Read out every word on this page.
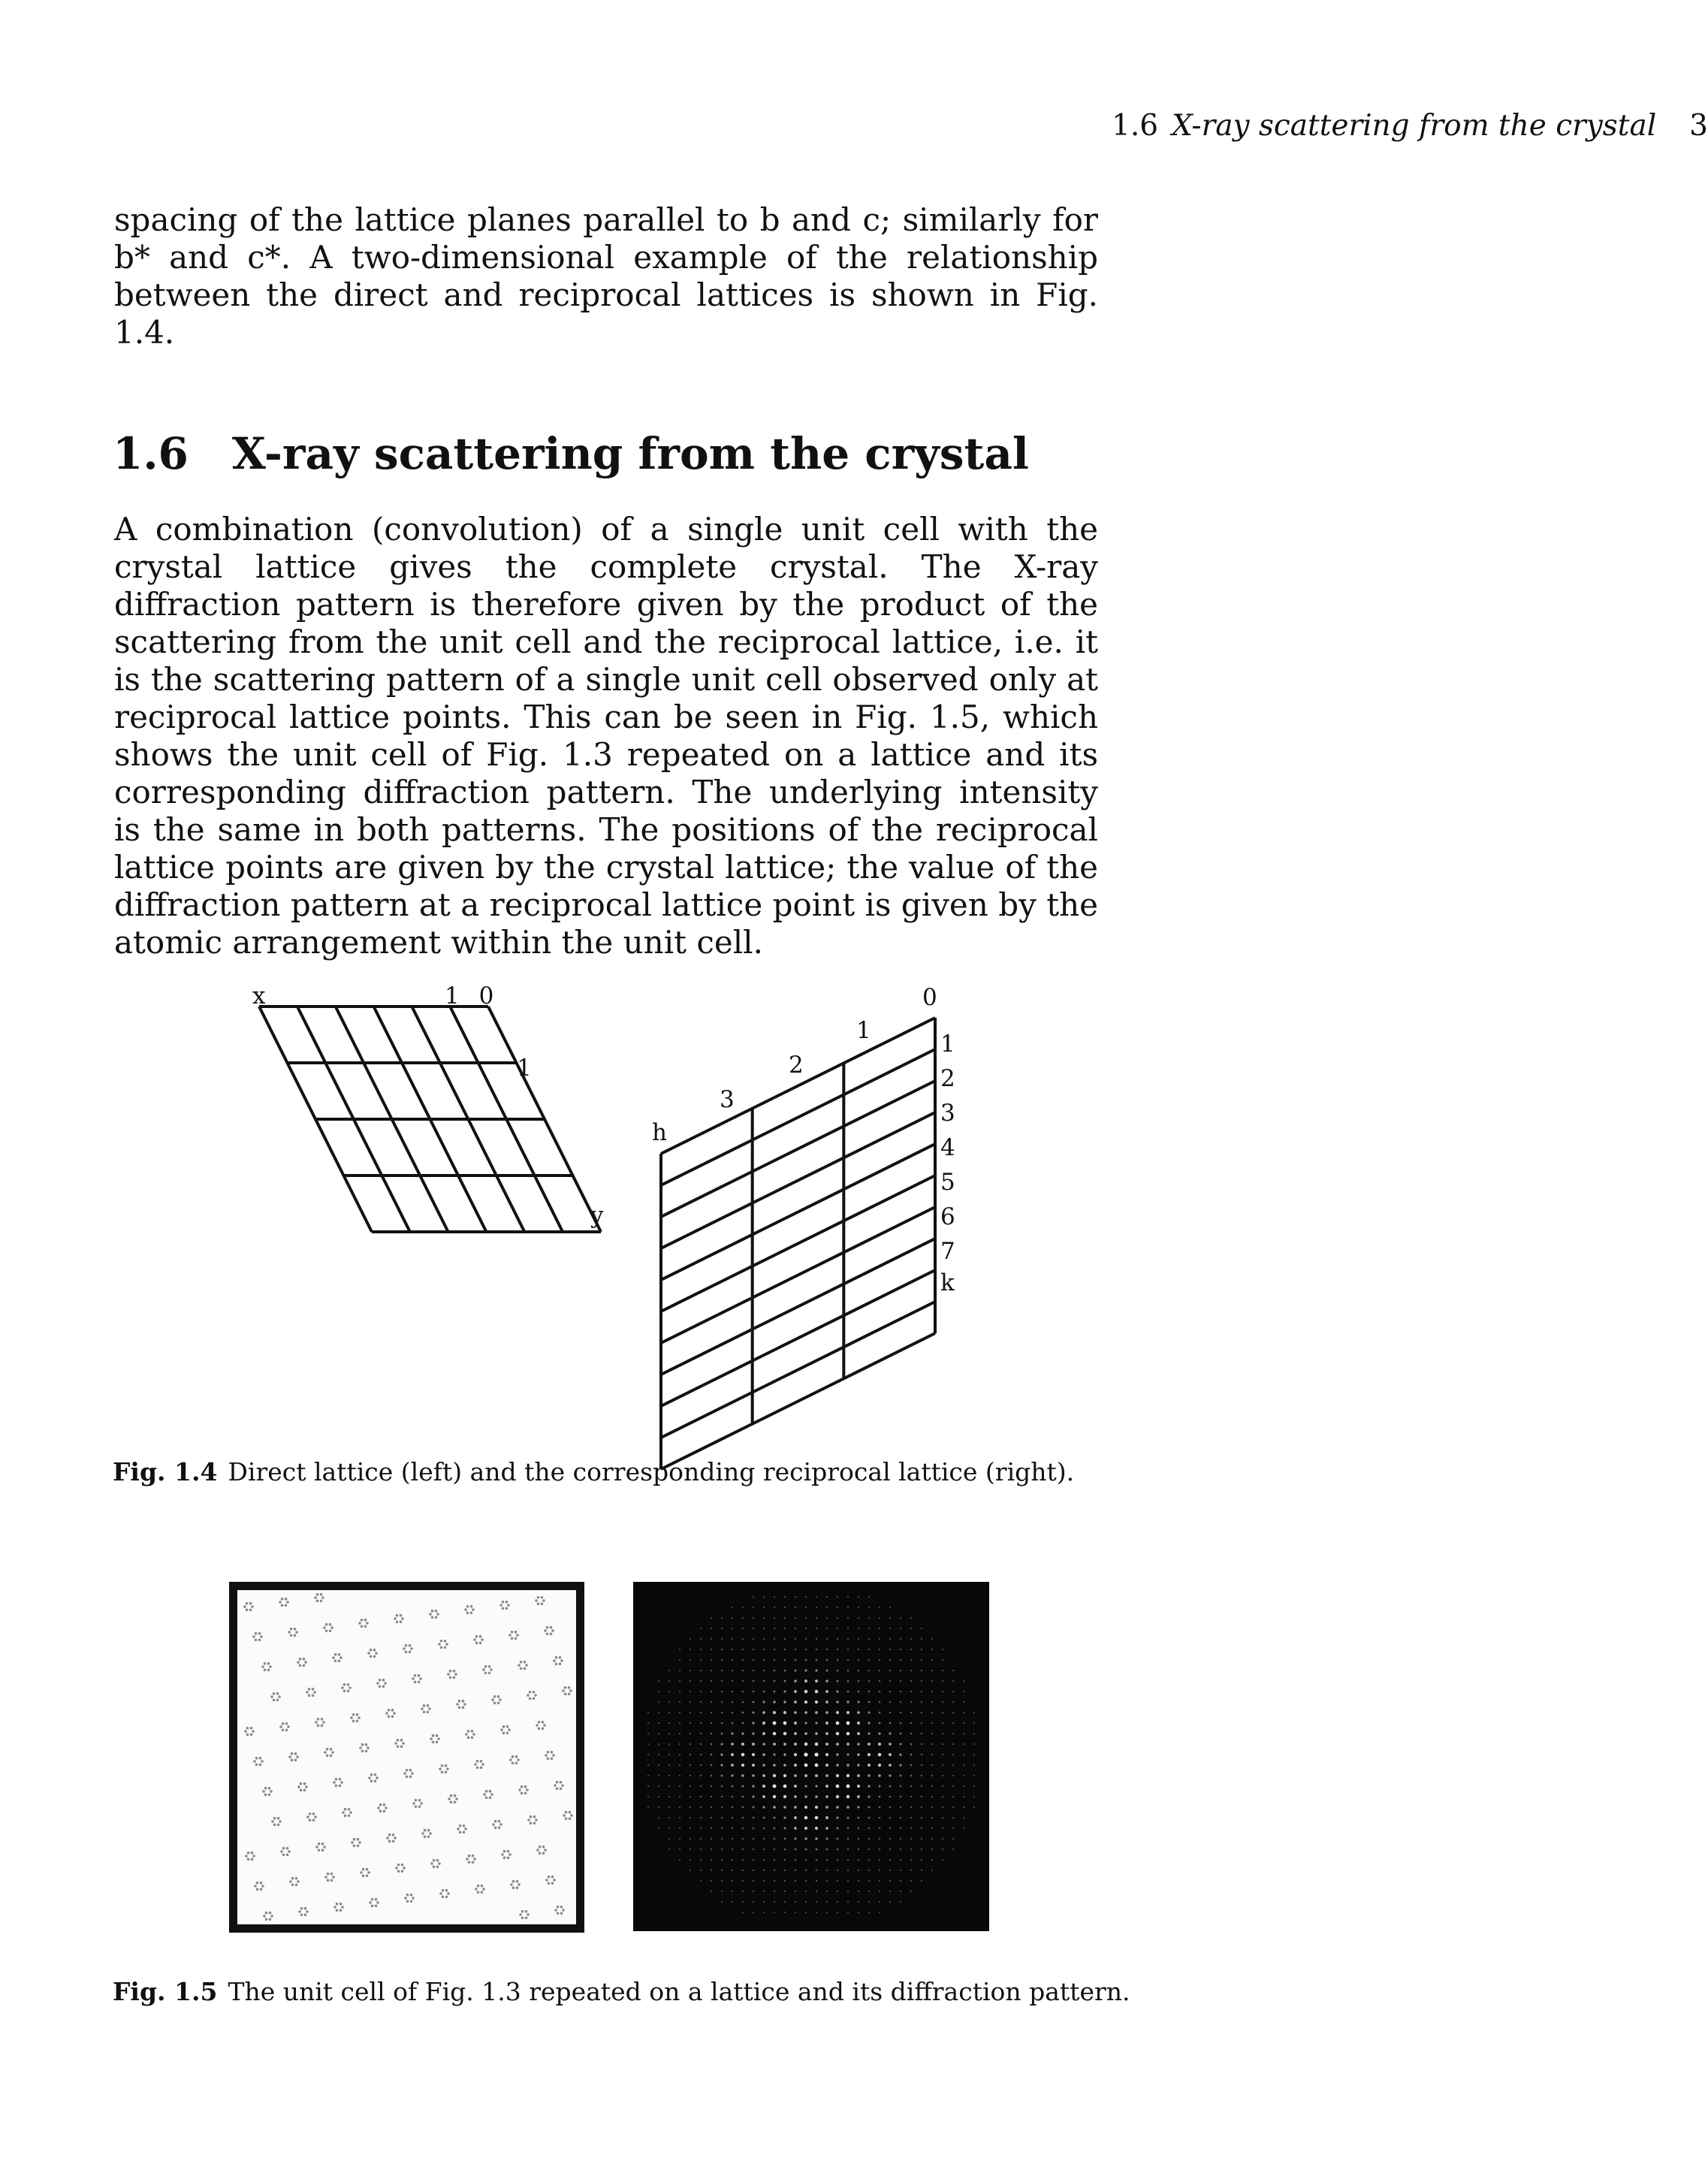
1.6 X-ray scattering from the crystal 3

spacing of the lattice planes parallel to b and c; similarly for b* and c*. A two-dimensional example of the relationship between the direct and reciprocal lattices is shown in Fig. 1.4.

1.6 X-ray scattering from the crystal

A combination (convolution) of a single unit cell with the crystal lattice gives the complete crystal. The X-ray diffraction pattern is therefore given by the product of the scattering from the unit cell and the reciprocal lattice, i.e. it is the scattering pattern of a single unit cell observed only at reciprocal lattice points. This can be seen in Fig. 1.5, which shows the unit cell of Fig. 1.3 repeated on a lattice and its corresponding diffraction pattern. The underlying intensity is the same in both patterns. The positions of the reciprocal lattice points are given by the crystal lattice; the value of the diffraction pattern at a reciprocal lattice point is given by the atomic arrangement within the unit cell.

x	1 0
1
y
h
k
3
2
1
0
1
2
3
4
5
6
7

Fig. 1.4 Direct lattice (left) and the corresponding reciprocal lattice (right).

Fig. 1.5 The unit cell of Fig. 1.3 repeated on a lattice and its diffraction pattern.
